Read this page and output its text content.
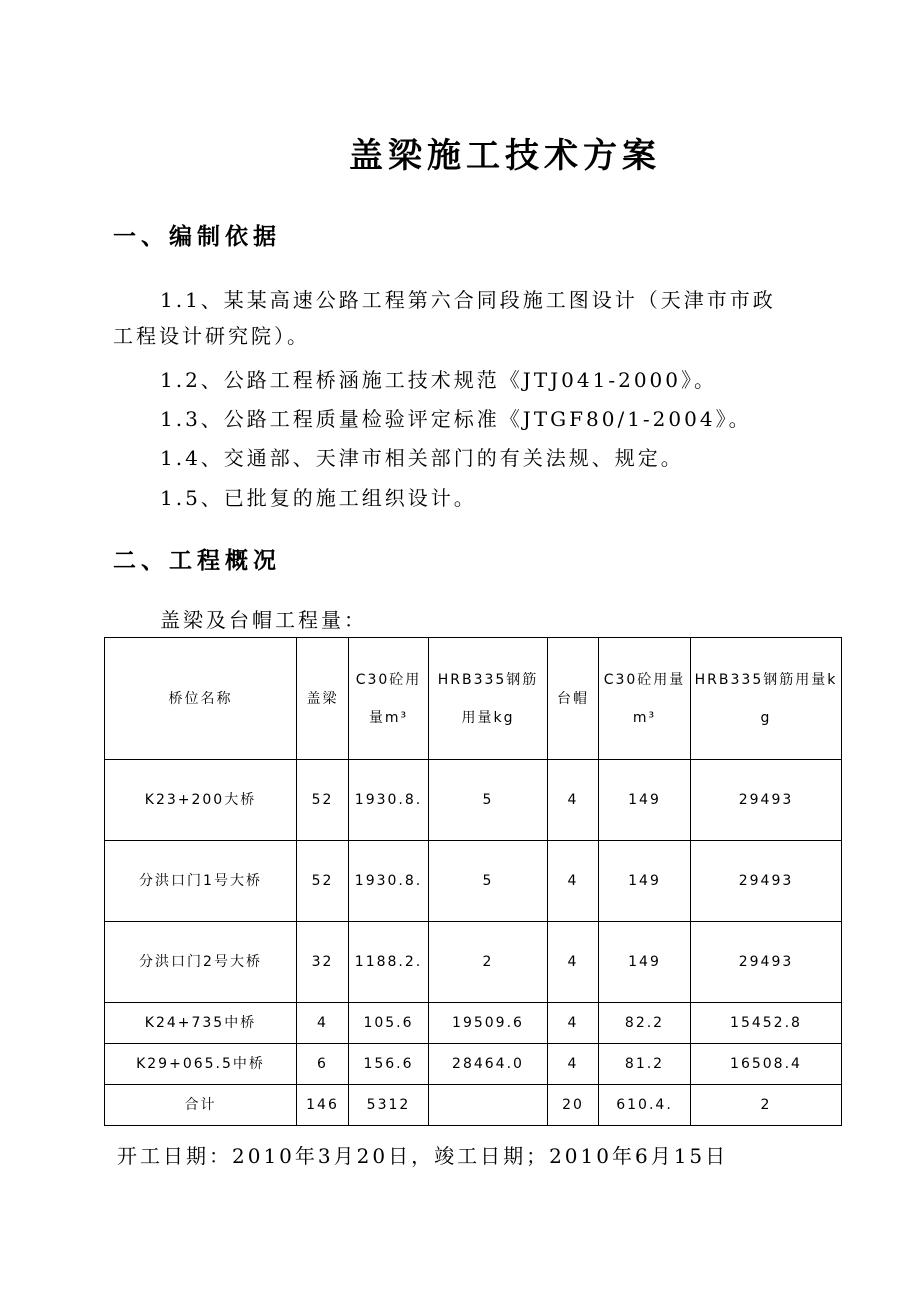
盖梁施工技术方案
一、编制依据
1.1、某某高速公路工程第六合同段施工图设计（天津市市政
工程设计研究院）。
1.2、公路工程桥涵施工技术规范《JTJ041-2000》。
1.3、公路工程质量检验评定标准《JTGF80/1-2004》。
1.4、交通部、天津市相关部门的有关法规、规定。
1.5、已批复的施工组织设计。
二、工程概况
盖梁及台帽工程量：
桥位名称	盖梁	C30砼用量m³	HRB335钢筋用量kg	台帽	C30砼用量m³	HRB335钢筋用量kg
K23+200大桥	52	1930.8.	5	4	149	29493
分洪口门1号大桥	52	1930.8.	5	4	149	29493
分洪口门2号大桥	32	1188.2.	2	4	149	29493
K24+735中桥	4	105.6	19509.6	4	82.2	15452.8
K29+065.5中桥	6	156.6	28464.0	4	81.2	16508.4
合计	146	5312		20	610.4.	2
开工日期：2010年3月20日，竣工日期；2010年6月15日
